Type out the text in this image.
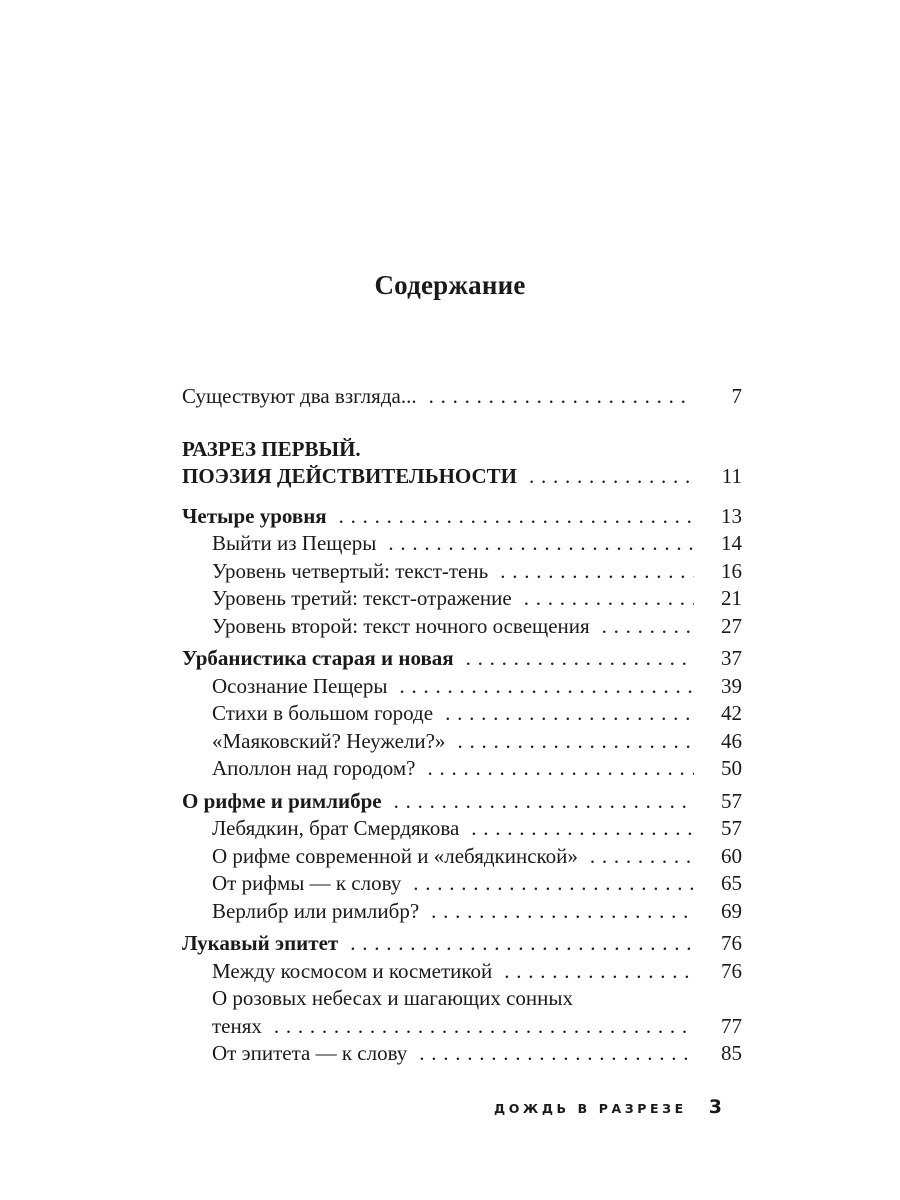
Содержание
Существуют два взгляда... . . .	7
РАЗРЕЗ ПЕРВЫЙ.
ПОЭЗИЯ ДЕЙСТВИТЕЛЬНОСТИ . . .	11
Четыре уровня . . .	13
Выйти из Пещеры . . .	14
Уровень четвертый: текст-тень . . .	16
Уровень третий: текст-отражение . . .	21
Уровень второй: текст ночного освещения . . .	27
Урбанистика старая и новая . . .	37
Осознание Пещеры . . .	39
Стихи в большом городе . . .	42
«Маяковский? Неужели?» . . .	46
Аполлон над городом? . . .	50
О рифме и римлибре . . .	57
Лебядкин, брат Смердякова . . .	57
О рифме современной и «лебядкинской» . . .	60
От рифмы — к слову . . .	65
Верлибр или римлибр? . . .	69
Лукавый эпитет . . .	76
Между космосом и косметикой . . .	76
О розовых небесах и шагающих сонных
тенях . . .	77
От эпитета — к слову . . .	85
ДОЖДЬ В РАЗРЕЗЕ 3
